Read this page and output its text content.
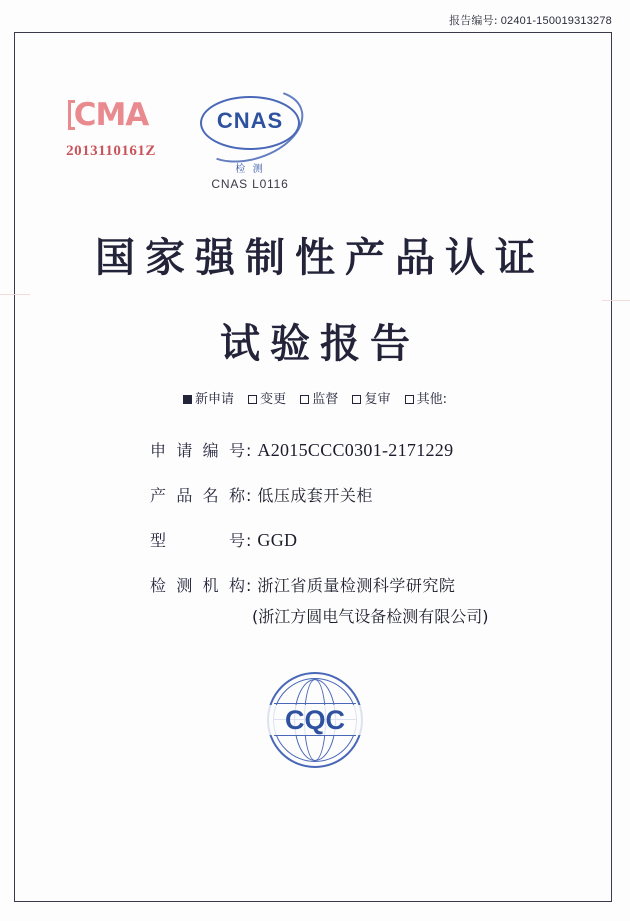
报告编号: 02401-150019313278
CMA
2013110161Z
CNAS
检 测
CNAS L0116
国家强制性产品认证
试验报告
新申请 变更 监督 复审 其他:
申请编号 : A2015CCC0301-2171229
产品名称 : 低压成套开关柜
型号 : GGD
检测机构 : 浙江省质量检测科学研究院
(浙江方圆电气设备检测有限公司)
CQC
